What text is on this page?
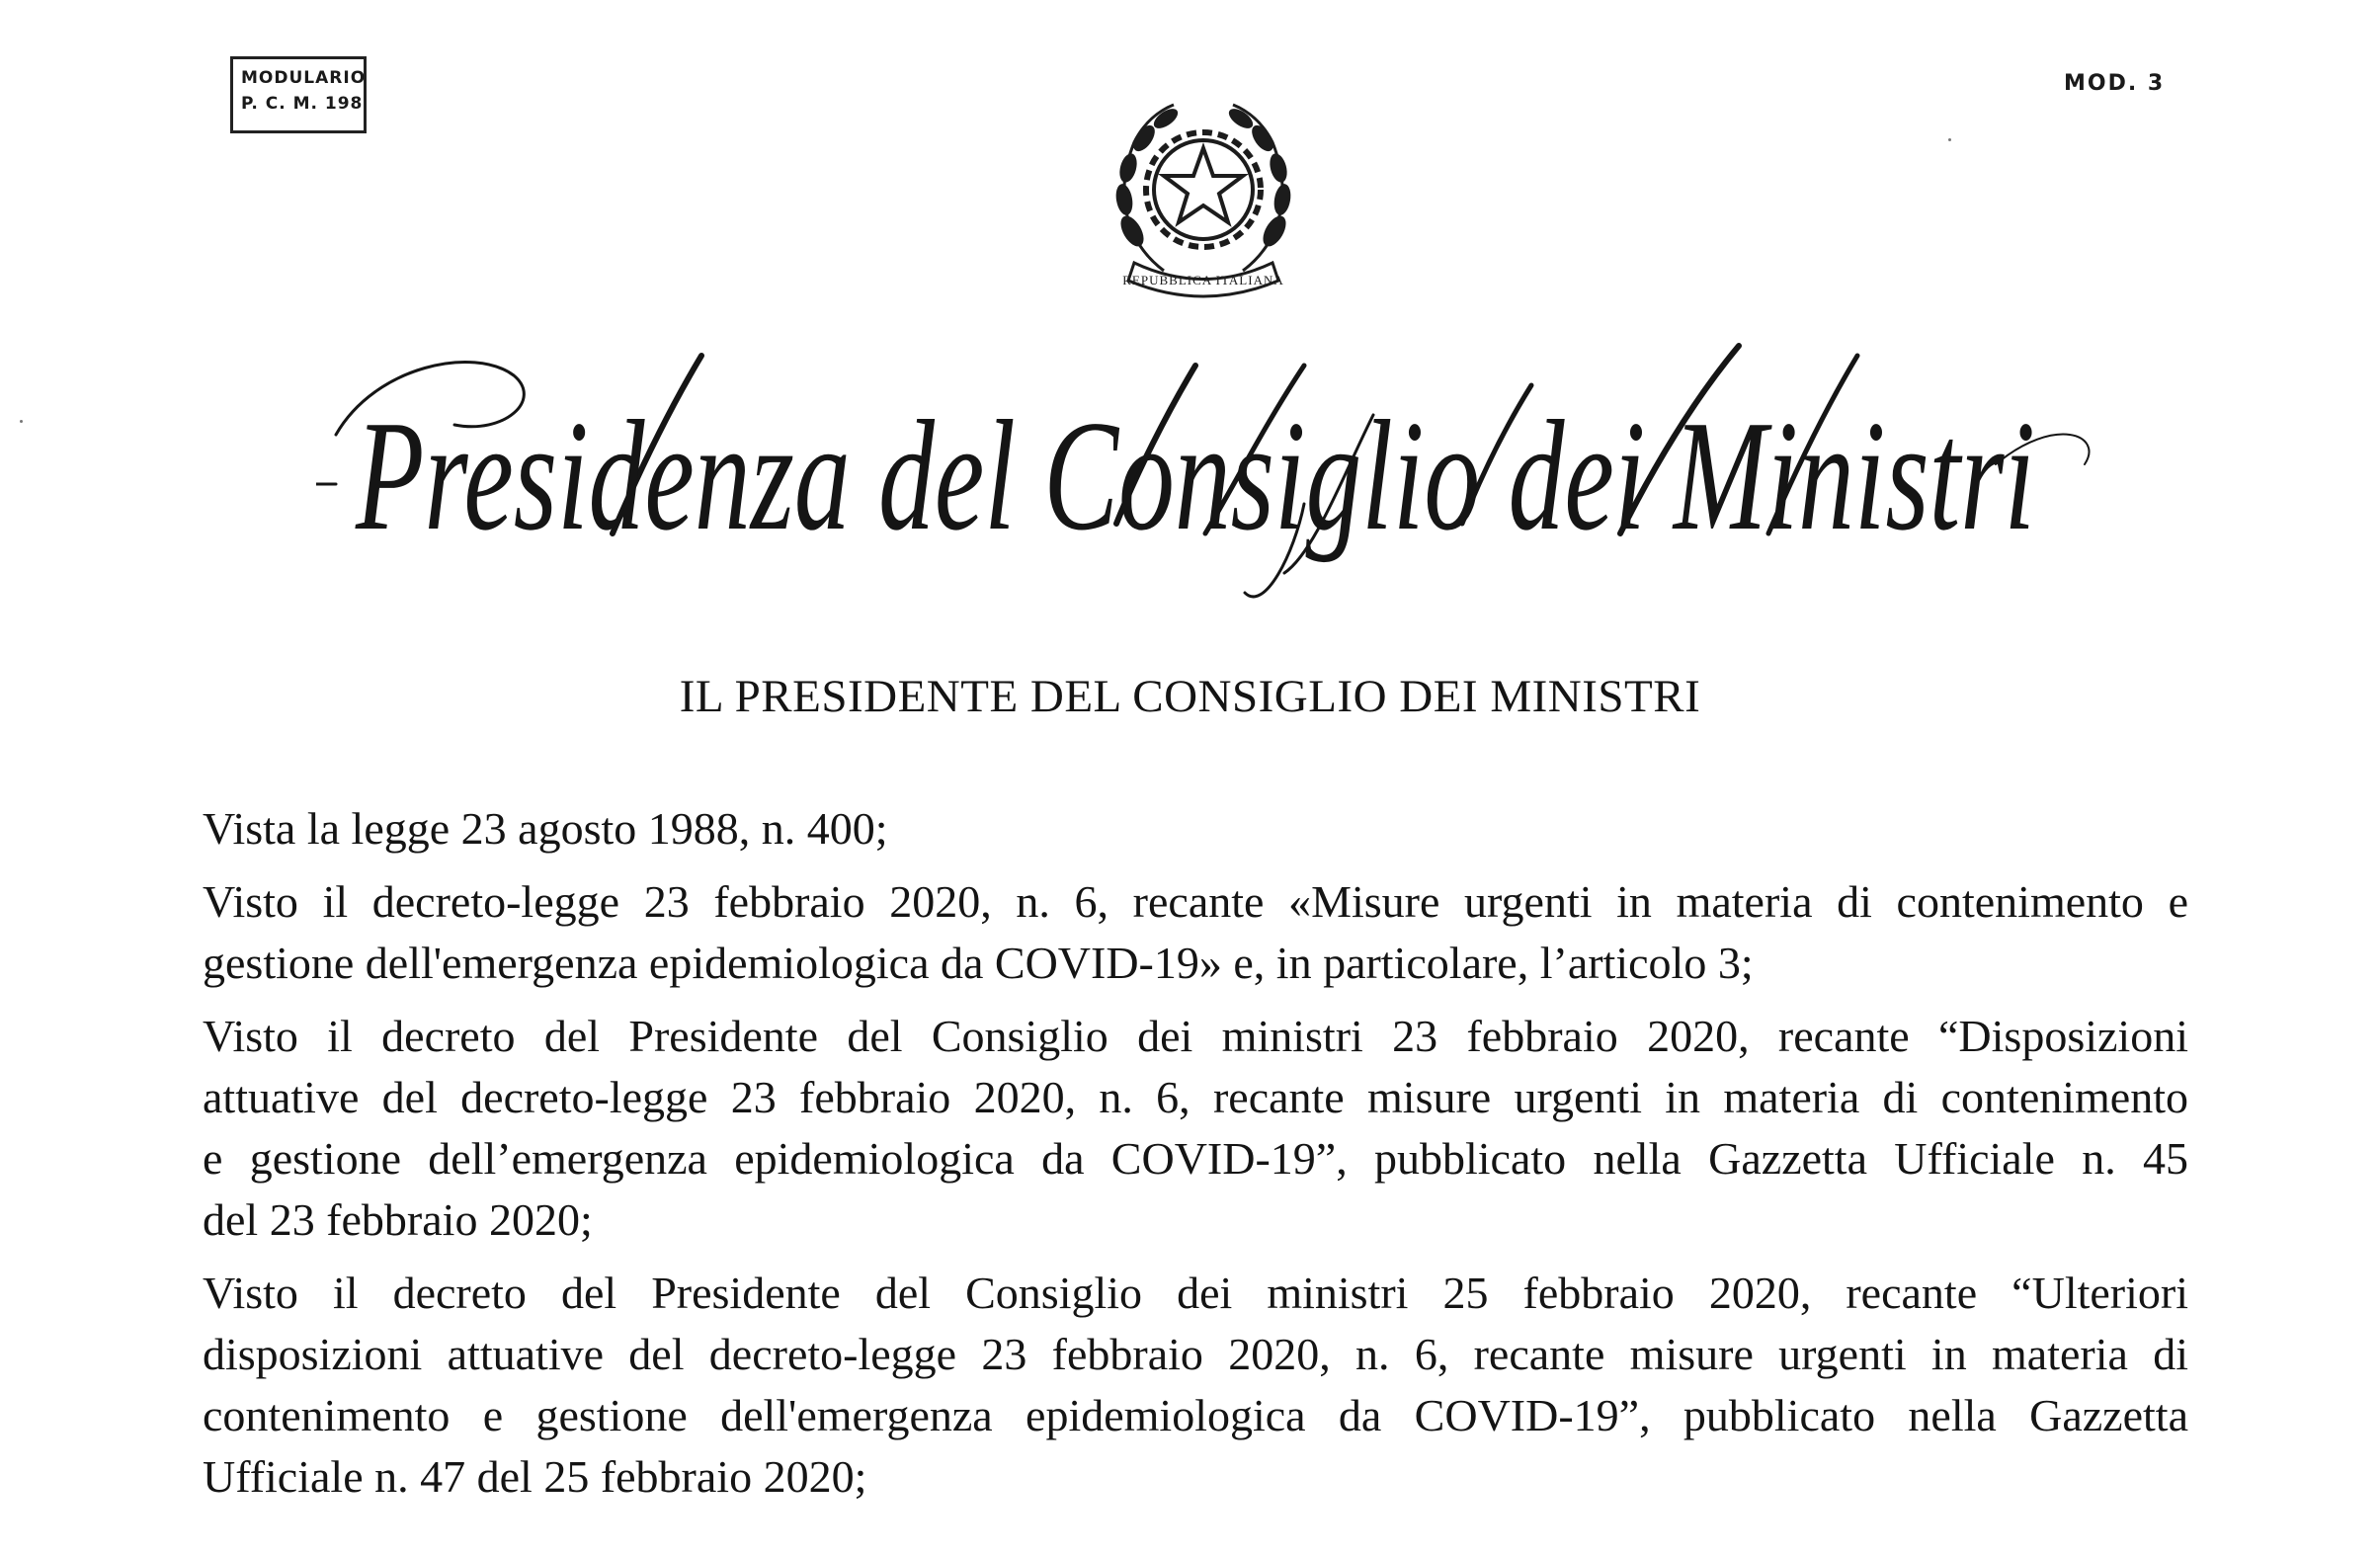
MODULARIO
P. C. M. 198
MOD. 3
REPUBBLICA ITALIANA
Presidenza del Consiglio dei Ministri
IL PRESIDENTE DEL CONSIGLIO DEI MINISTRI

Vista la legge 23 agosto 1988, n. 400;

Visto il decreto-legge 23 febbraio 2020, n. 6, recante «Misure urgenti in materia di contenimento e
gestione dell'emergenza epidemiologica da COVID-19» e, in particolare, l’articolo 3;

Visto il decreto del Presidente del Consiglio dei ministri 23 febbraio 2020, recante “Disposizioni
attuative del decreto-legge 23 febbraio 2020, n. 6, recante misure urgenti in materia di contenimento
e gestione dell’emergenza epidemiologica da COVID-19”, pubblicato nella Gazzetta Ufficiale n. 45
del 23 febbraio 2020;

Visto il decreto del Presidente del Consiglio dei ministri 25 febbraio 2020, recante “Ulteriori
disposizioni attuative del decreto-legge 23 febbraio 2020, n. 6, recante misure urgenti in materia di
contenimento e gestione dell'emergenza epidemiologica da COVID-19”, pubblicato nella Gazzetta
Ufficiale n. 47 del 25 febbraio 2020;
